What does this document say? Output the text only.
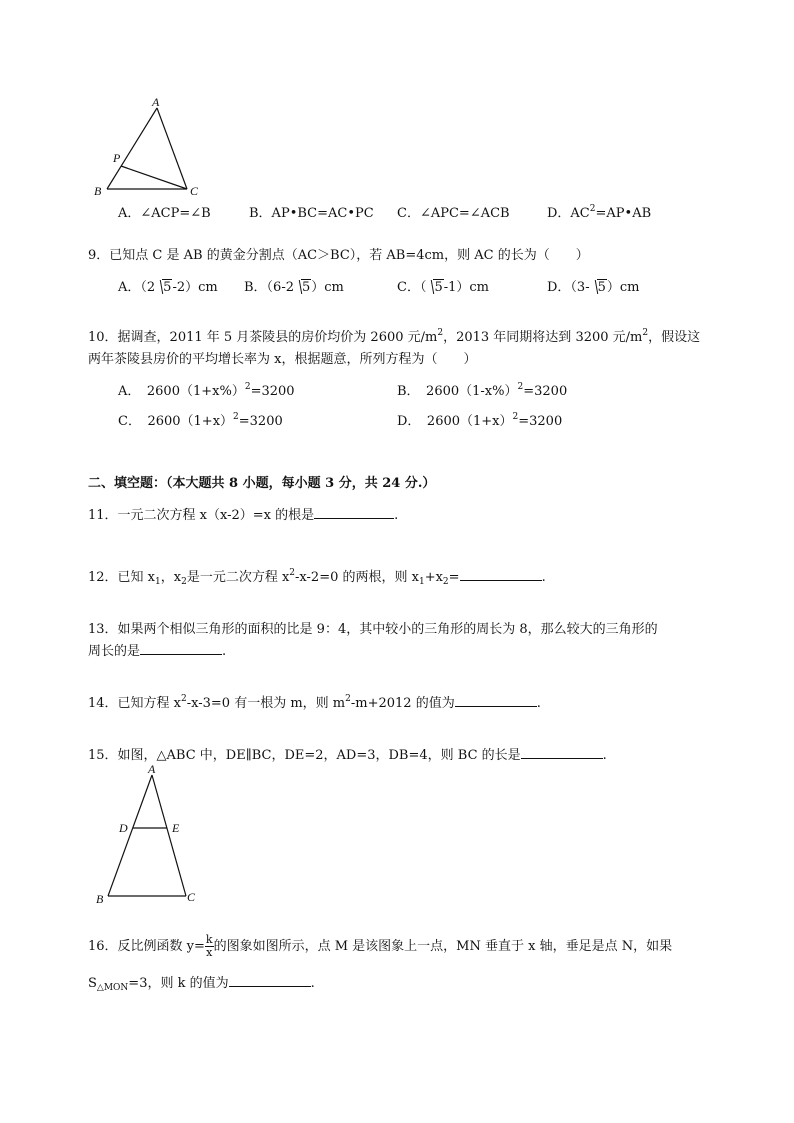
A
P
B	C
A．∠ACP=∠B	B．AP•BC=AC•PC C．∠APC=∠ACB	D．$AC^2=AP•AB$
9．已知点 C 是 AB 的黄金分割点（AC＞BC），若 AB=4cm，则 AC 的长为（　　）
A．（2 5-2）cm B．（6-2 5）cm	C．（ 5-1）cm	D．（3- 5）cm
10．据调查，2011 年 5 月茶陵县的房价均价为 2600 元$/m^2$，2013 年同期将达到 3200 元$/m^2$，假设这
两年茶陵县房价的平均增长率为 x，根据题意，所列方程为（　　）
A．　$2600(1+x\%)^2=3200$	B．　$2600(1-x\%)^2=3200$
C．　$2600(1+x)^2=3200$	D．　$2600(1+x)^2=3200$
二、填空题：（本大题共 8 小题，每小题 3 分，共 24 分.）
11．一元二次方程 x（x-2）=x 的根是	.
12．已知 $x_1$，$x_2$是一元二次方程 $x^2-x-2=0$ 的两根，则 $x_1+x_2=$	.
13．如果两个相似三角形的面积的比是 9：4，其中较小的三角形的周长为 8，那么较大的三角形的
周长的是	.
14．已知方程 $x^2-x-3=0$ 有一根为 m，则 $m^2-m+2012$ 的值为	.
15．如图，△ABC 中，DE∥BC，DE=2，AD=3，DB=4，则 BC 的长是	.
A
D	E
B	C
16．反比例函数 $y= \frac{k}{x}$ 的图象如图所示，点 M 是该图象上一点，MN 垂直于 x 轴，垂足是点 N，如果
$S_{\triangle MON}=3$，则 k 的值为	.
